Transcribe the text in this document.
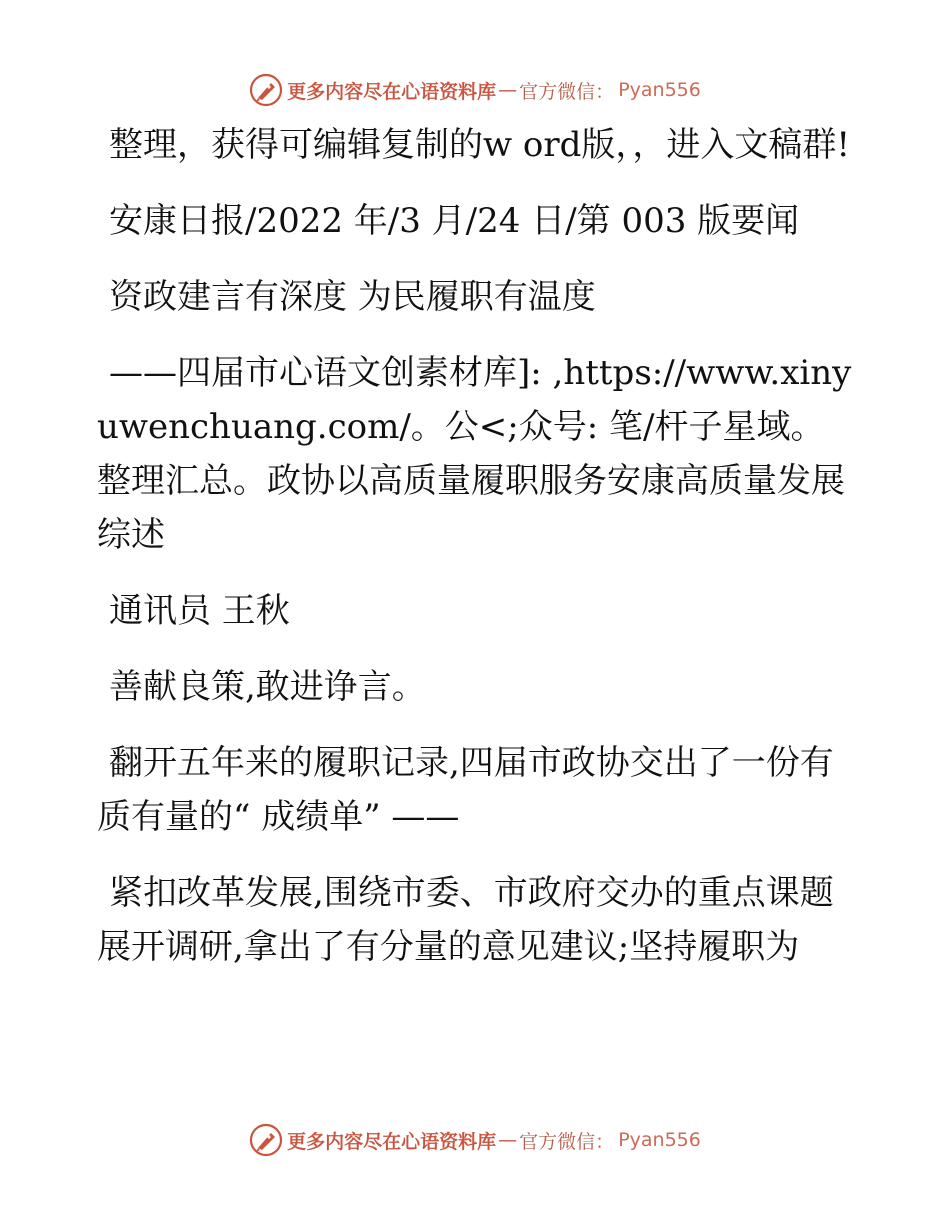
更多内容尽在心语资料库 — 官方微信： Pyan556

整理，获得可编辑复制的w ord版，，进入文稿群!

安康日报/2022 年/3 月/24 日/第 003 版要闻

资政建言有深度 为民履职有温度

——四届市心语文创素材库]: ,https://www.xinyuwenchuang.com/。公<;众号: 笔/杆子星域。整理汇总。政协以高质量履职服务安康高质量发展综述

通讯员 王秋

善献良策,敢进诤言。

翻开五年来的履职记录,四届市政协交出了一份有质有量的“ 成绩单” ——

紧扣改革发展,围绕市委、市政府交办的重点课题展开调研,拿出了有分量的意见建议;坚持履职为

更多内容尽在心语资料库 — 官方微信： Pyan556
